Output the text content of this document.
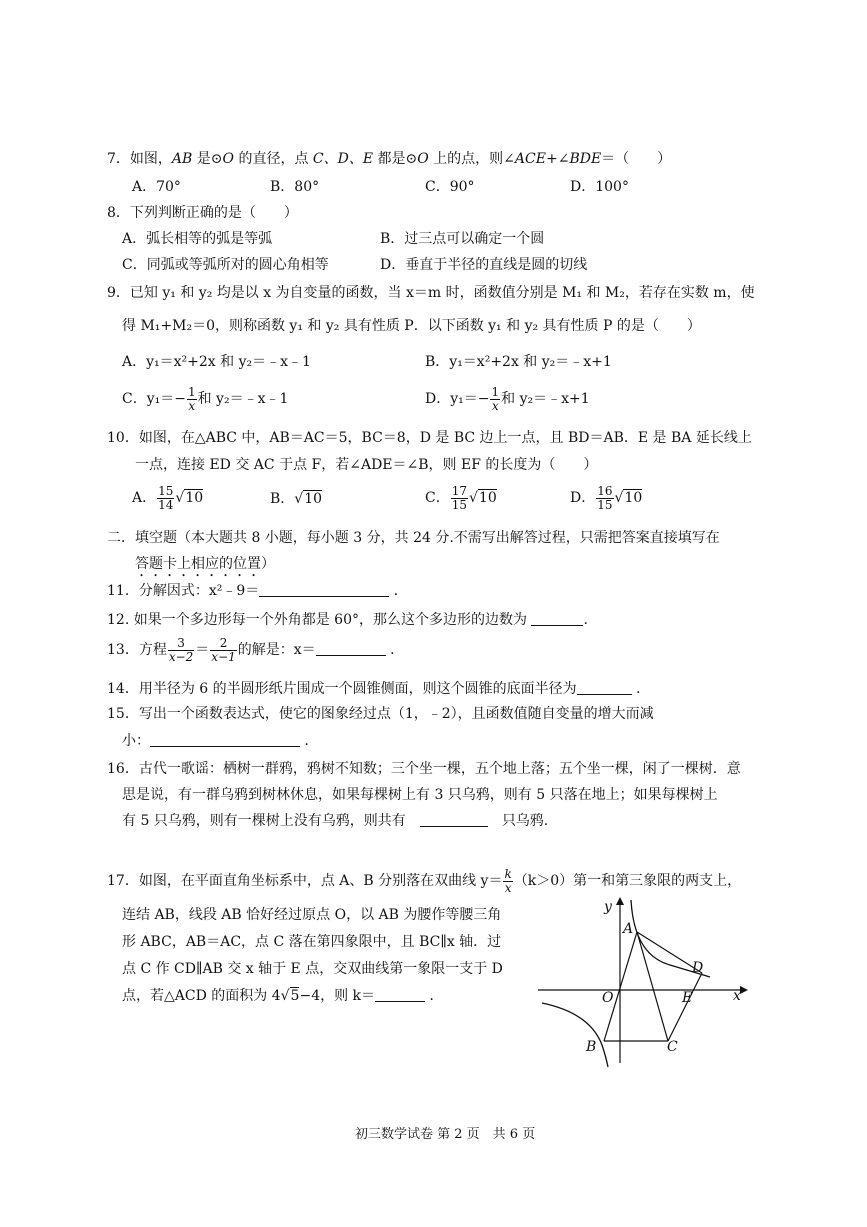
7．如图，AB 是⊙O 的直径，点 C、D、E 都是⊙O 上的点，则∠ACE+∠BDE＝（　　）
A．70°	B．80°	C．90°	D．100°
8．下列判断正确的是（　　）
A．弧长相等的弧是等弧	B．过三点可以确定一个圆
C．同弧或等弧所对的圆心角相等	D．垂直于半径的直线是圆的切线
9．已知 y₁ 和 y₂ 均是以 x 为自变量的函数，当 x＝m 时，函数值分别是 M₁ 和 M₂，若存在实数 m，使
得 M₁+M₂＝0，则称函数 y₁ 和 y₂ 具有性质 P．以下函数 y₁ 和 y₂ 具有性质 P 的是（　　）
A．y₁＝x²+2x 和 y₂＝﹣x﹣1	B．y₁＝x²+2x 和 y₂＝﹣x+1
C．$y_1=- \frac{1}{x}$ 和 y₂＝﹣x﹣1	D．$y_1=- \frac{1}{x}$ 和 y₂＝﹣x+1
10．如图，在△ABC 中，AB＝AC＝5，BC＝8，D 是 BC 边上一点，且 BD＝AB．E 是 BA 延长线上
一点，连接 ED 交 AC 于点 F，若∠ADE＝∠B，则 EF 的长度为（　　）
A． $\frac{15}{14} √10$	B．√10	C． $\frac{17}{15} √10$	D． $\frac{16}{15} √10$
二．填空题（本大题共 8 小题，每小题 3 分，共 24 分.不需写出解答过程，只需把答案直接填写在
答题卡上相应的位置）
11．分解因式：x²﹣9＝	．
12. 如果一个多边形每一个外角都是 60°，那么这个多边形的边数为	.
13．方程 $\frac{3}{x-2} = \frac{2}{x-1}$ 的解是：x＝	．
14．用半径为 6 的半圆形纸片围成一个圆锥侧面，则这个圆锥的底面半径为	．
15．写出一个函数表达式，使它的图象经过点（1，﹣2），且函数值随自变量的增大而减
小：	．
16．古代一歌谣：栖树一群鸦，鸦树不知数；三个坐一棵，五个地上落；五个坐一棵，闲了一棵树．意
思是说，有一群乌鸦到树林休息，如果每棵树上有 3 只乌鸦，则有 5 只落在地上；如果每棵树上
有 5 只乌鸦，则有一棵树上没有乌鸦，则共有　　	只乌鸦.
17．如图，在平面直角坐标系中，点 A、B 分别落在双曲线 $y= \frac{k}{x} (k>0)$第一和第三象限的两支上，
连结 AB，线段 AB 恰好经过原点 O，以 AB 为腰作等腰三角
形 ABC，AB＝AC，点 C 落在第四象限中，且 BC∥x 轴．过
点 C 作 CD∥AB 交 x 轴于 E 点，交双曲线第一象限一支于 D
点，若△ACD 的面积为 4√5−4，则 k＝	．
y
x
A
B	C
D
E
O
初三数学试卷 第 2 页　共 6 页
